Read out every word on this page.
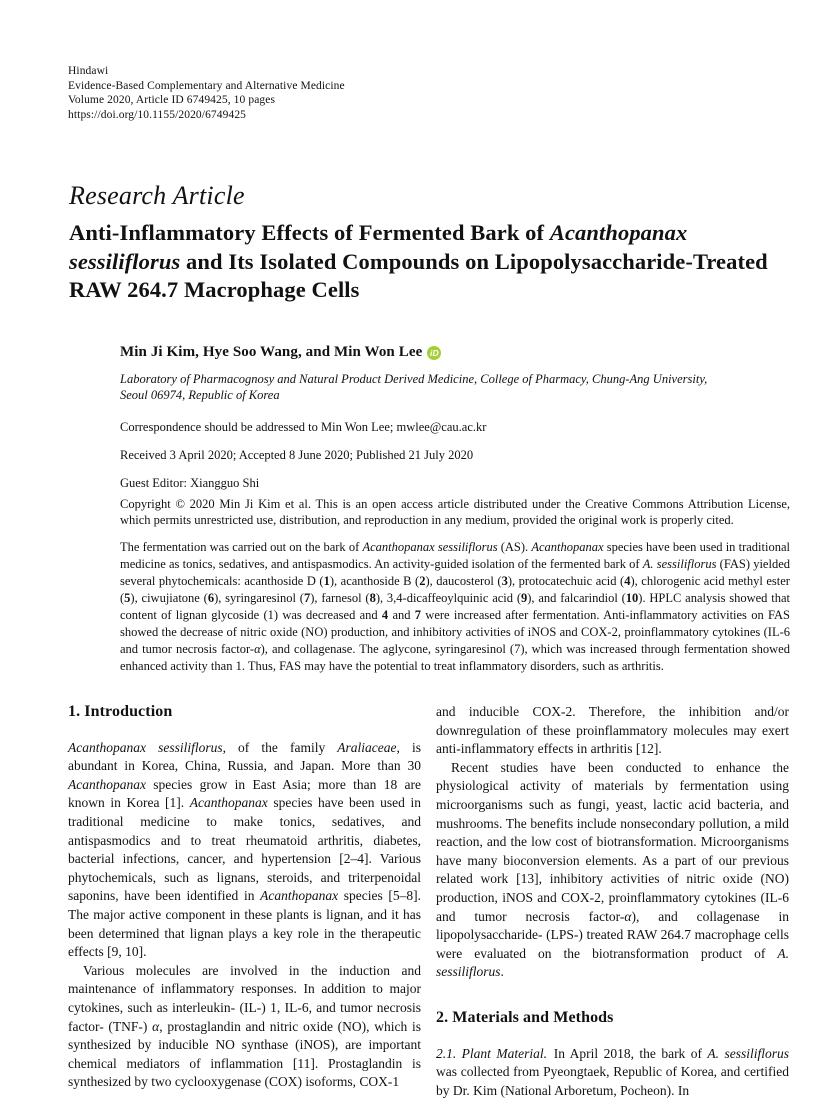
Hindawi
Evidence-Based Complementary and Alternative Medicine
Volume 2020, Article ID 6749425, 10 pages
https://doi.org/10.1155/2020/6749425
Research Article
Anti-Inflammatory Effects of Fermented Bark of Acanthopanax sessiliflorus and Its Isolated Compounds on Lipopolysaccharide-Treated RAW 264.7 Macrophage Cells
Min Ji Kim, Hye Soo Wang, and Min Won Lee iD
Laboratory of Pharmacognosy and Natural Product Derived Medicine, College of Pharmacy, Chung-Ang University, Seoul 06974, Republic of Korea
Correspondence should be addressed to Min Won Lee; mwlee@cau.ac.kr
Received 3 April 2020; Accepted 8 June 2020; Published 21 July 2020
Guest Editor: Xiangguo Shi
Copyright © 2020 Min Ji Kim et al. This is an open access article distributed under the Creative Commons Attribution License, which permits unrestricted use, distribution, and reproduction in any medium, provided the original work is properly cited.
The fermentation was carried out on the bark of Acanthopanax sessiliflorus (AS). Acanthopanax species have been used in traditional medicine as tonics, sedatives, and antispasmodics. An activity-guided isolation of the fermented bark of A. sessiliflorus (FAS) yielded several phytochemicals: acanthoside D (1), acanthoside B (2), daucosterol (3), protocatechuic acid (4), chlorogenic acid methyl ester (5), ciwujiatone (6), syringaresinol (7), farnesol (8), 3,4-dicaffeoylquinic acid (9), and falcarindiol (10). HPLC analysis showed that content of lignan glycoside (1) was decreased and 4 and 7 were increased after fermentation. Anti-inflammatory activities on FAS showed the decrease of nitric oxide (NO) production, and inhibitory activities of iNOS and COX-2, proinflammatory cytokines (IL-6 and tumor necrosis factor-α), and collagenase. The aglycone, syringaresinol (7), which was increased through fermentation showed enhanced activity than 1. Thus, FAS may have the potential to treat inflammatory disorders, such as arthritis.
1. Introduction

Acanthopanax sessiliflorus, of the family Araliaceae, is abundant in Korea, China, Russia, and Japan. More than 30 Acanthopanax species grow in East Asia; more than 18 are known in Korea [1]. Acanthopanax species have been used in traditional medicine to make tonics, sedatives, and antispasmodics and to treat rheumatoid arthritis, diabetes, bacterial infections, cancer, and hypertension [2–4]. Various phytochemicals, such as lignans, steroids, and triterpenoidal saponins, have been identified in Acanthopanax species [5–8]. The major active component in these plants is lignan, and it has been determined that lignan plays a key role in the therapeutic effects [9, 10].

Various molecules are involved in the induction and maintenance of inflammatory responses. In addition to major cytokines, such as interleukin- (IL-) 1, IL-6, and tumor necrosis factor- (TNF-) α, prostaglandin and nitric oxide (NO), which is synthesized by inducible NO synthase (iNOS), are important chemical mediators of inflammation [11]. Prostaglandin is synthesized by two cyclooxygenase (COX) isoforms, COX-1

and inducible COX-2. Therefore, the inhibition and/or downregulation of these proinflammatory molecules may exert anti-inflammatory effects in arthritis [12].

Recent studies have been conducted to enhance the physiological activity of materials by fermentation using microorganisms such as fungi, yeast, lactic acid bacteria, and mushrooms. The benefits include nonsecondary pollution, a mild reaction, and the low cost of biotransformation. Microorganisms have many bioconversion elements. As a part of our previous related work [13], inhibitory activities of nitric oxide (NO) production, iNOS and COX-2, proinflammatory cytokines (IL-6 and tumor necrosis factor-α), and collagenase in lipopolysaccharide- (LPS-) treated RAW 264.7 macrophage cells were evaluated on the biotransformation product of A. sessiliflorus.

2. Materials and Methods

2.1. Plant Material. In April 2018, the bark of A. sessiliflorus was collected from Pyeongtaek, Republic of Korea, and certified by Dr. Kim (National Arboretum, Pocheon). In
